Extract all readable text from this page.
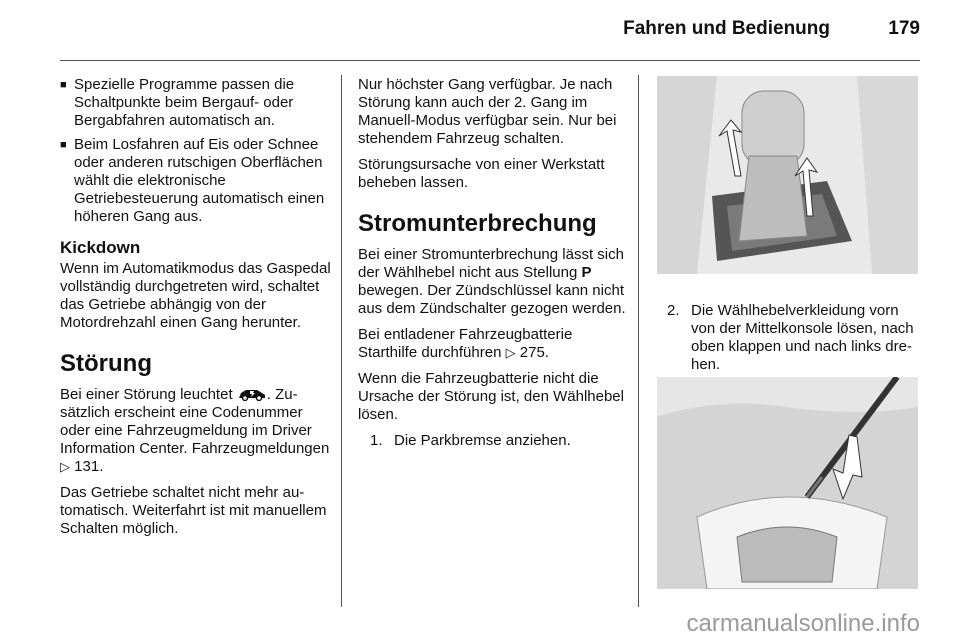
Fahren und Bedienung	179
■ Spezielle Programme passen die Schaltpunkte beim Bergauf- oder Bergabfahren automatisch an.
■ Beim Losfahren auf Eis oder Schnee oder anderen rutschigen Oberflächen wählt die elektronische Getriebesteuerung automatisch einen höheren Gang aus.
Kickdown

Wenn im Automatikmodus das Gaspedal vollständig durchgetreten wird, schaltet das Getriebe abhängig von der Motordrehzahl einen Gang herunter.

Störung

Bei einer Störung leuchtet . Zusätzlich erscheint eine Codenummer oder eine Fahrzeugmeldung im Driver Information Center. Fahrzeugmeldungen ▷ 131.

Das Getriebe schaltet nicht mehr automatisch. Weiterfahrt ist mit manuellem Schalten möglich.

Nur höchster Gang verfügbar. Je nach Störung kann auch der 2. Gang im Manuell-Modus verfügbar sein. Nur bei stehendem Fahrzeug schalten.

Störungsursache von einer Werkstatt beheben lassen.

Stromunterbrechung

Bei einer Stromunterbrechung lässt sich der Wählhebel nicht aus Stellung P bewegen. Der Zündschlüssel kann nicht aus dem Zündschalter gezogen werden.

Bei entladener Fahrzeugbatterie Starthilfe durchführen ▷ 275.

Wenn die Fahrzeugbatterie nicht die Ursache der Störung ist, den Wählhebel lösen.

1. Die Parkbremse anziehen.
2. Die Wählhebelverkleidung vorn von der Mittelkonsole lösen, nach oben klappen und nach links drehen.
carmanualsonline.info
